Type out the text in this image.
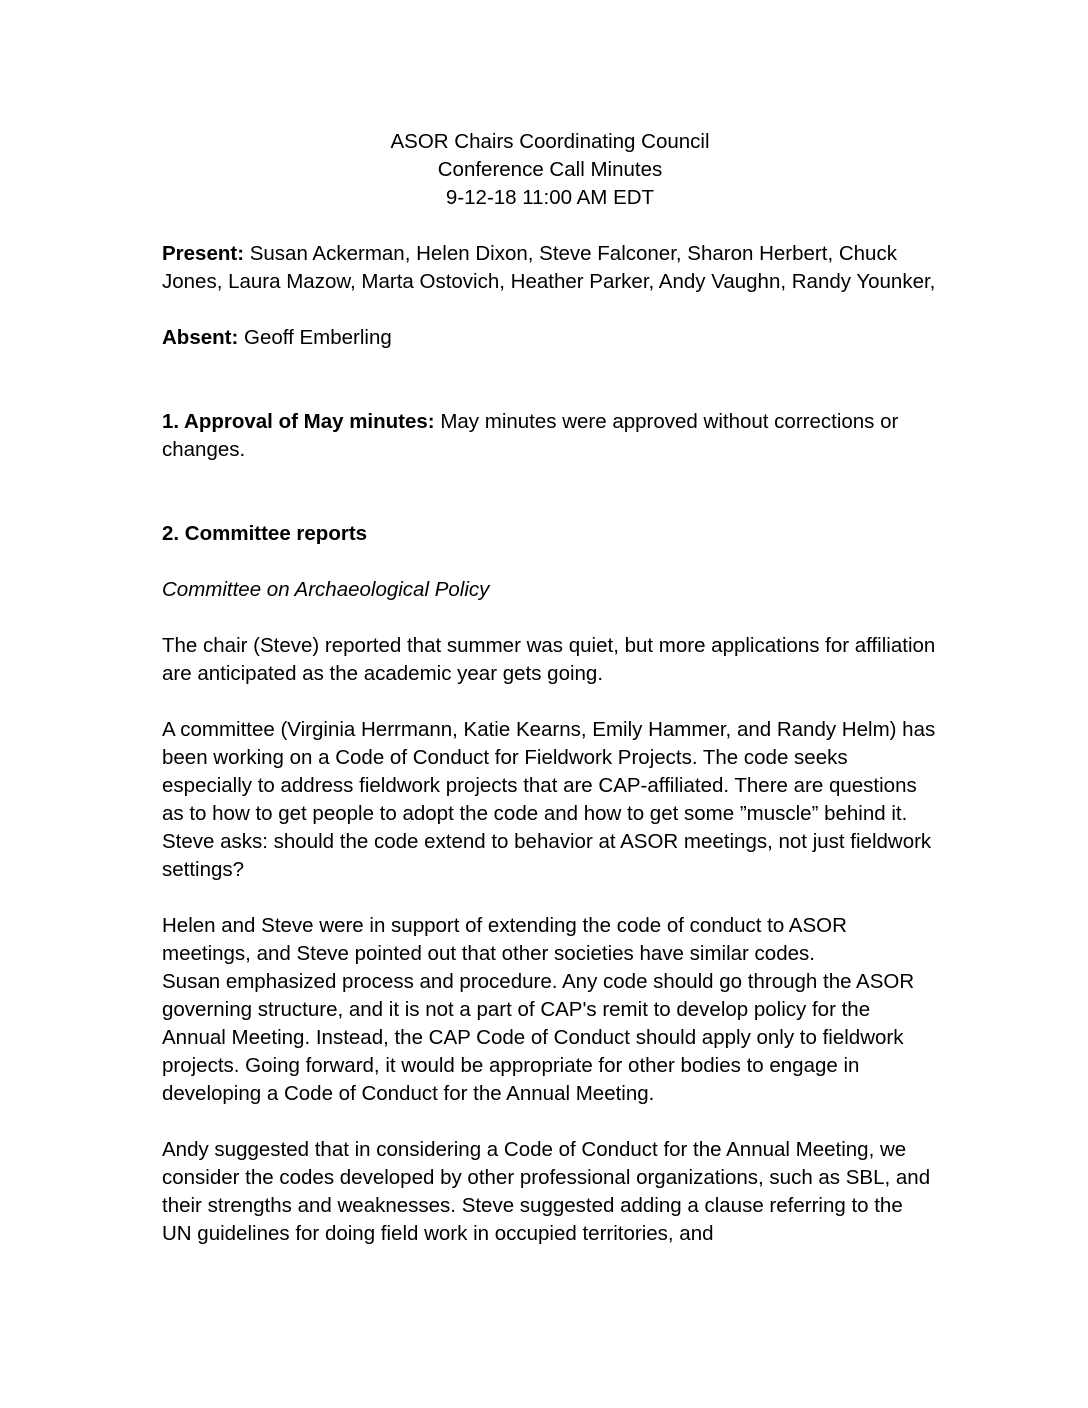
ASOR Chairs Coordinating Council
Conference Call Minutes
9-12-18 11:00 AM EDT

Present: Susan Ackerman, Helen Dixon, Steve Falconer, Sharon Herbert, Chuck Jones, Laura Mazow, Marta Ostovich, Heather Parker, Andy Vaughn, Randy Younker,

Absent: Geoff Emberling

1. Approval of May minutes: May minutes were approved without corrections or changes.

2. Committee reports

Committee on Archaeological Policy

The chair (Steve) reported that summer was quiet, but more applications for affiliation are anticipated as the academic year gets going.

A committee (Virginia Herrmann, Katie Kearns, Emily Hammer, and Randy Helm) has been working on a Code of Conduct for Fieldwork Projects. The code seeks especially to address fieldwork projects that are CAP-affiliated. There are questions as to how to get people to adopt the code and how to get some ”muscle” behind it.

Steve asks: should the code extend to behavior at ASOR meetings, not just fieldwork settings?

Helen and Steve were in support of extending the code of conduct to ASOR meetings, and Steve pointed out that other societies have similar codes.

Susan emphasized process and procedure. Any code should go through the ASOR governing structure, and it is not a part of CAP's remit to develop policy for the Annual Meeting. Instead, the CAP Code of Conduct should apply only to fieldwork projects. Going forward, it would be appropriate for other bodies to engage in developing a Code of Conduct for the Annual Meeting.

Andy suggested that in considering a Code of Conduct for the Annual Meeting, we consider the codes developed by other professional organizations, such as SBL, and their strengths and weaknesses. Steve suggested adding a clause referring to the UN guidelines for doing field work in occupied territories, and
